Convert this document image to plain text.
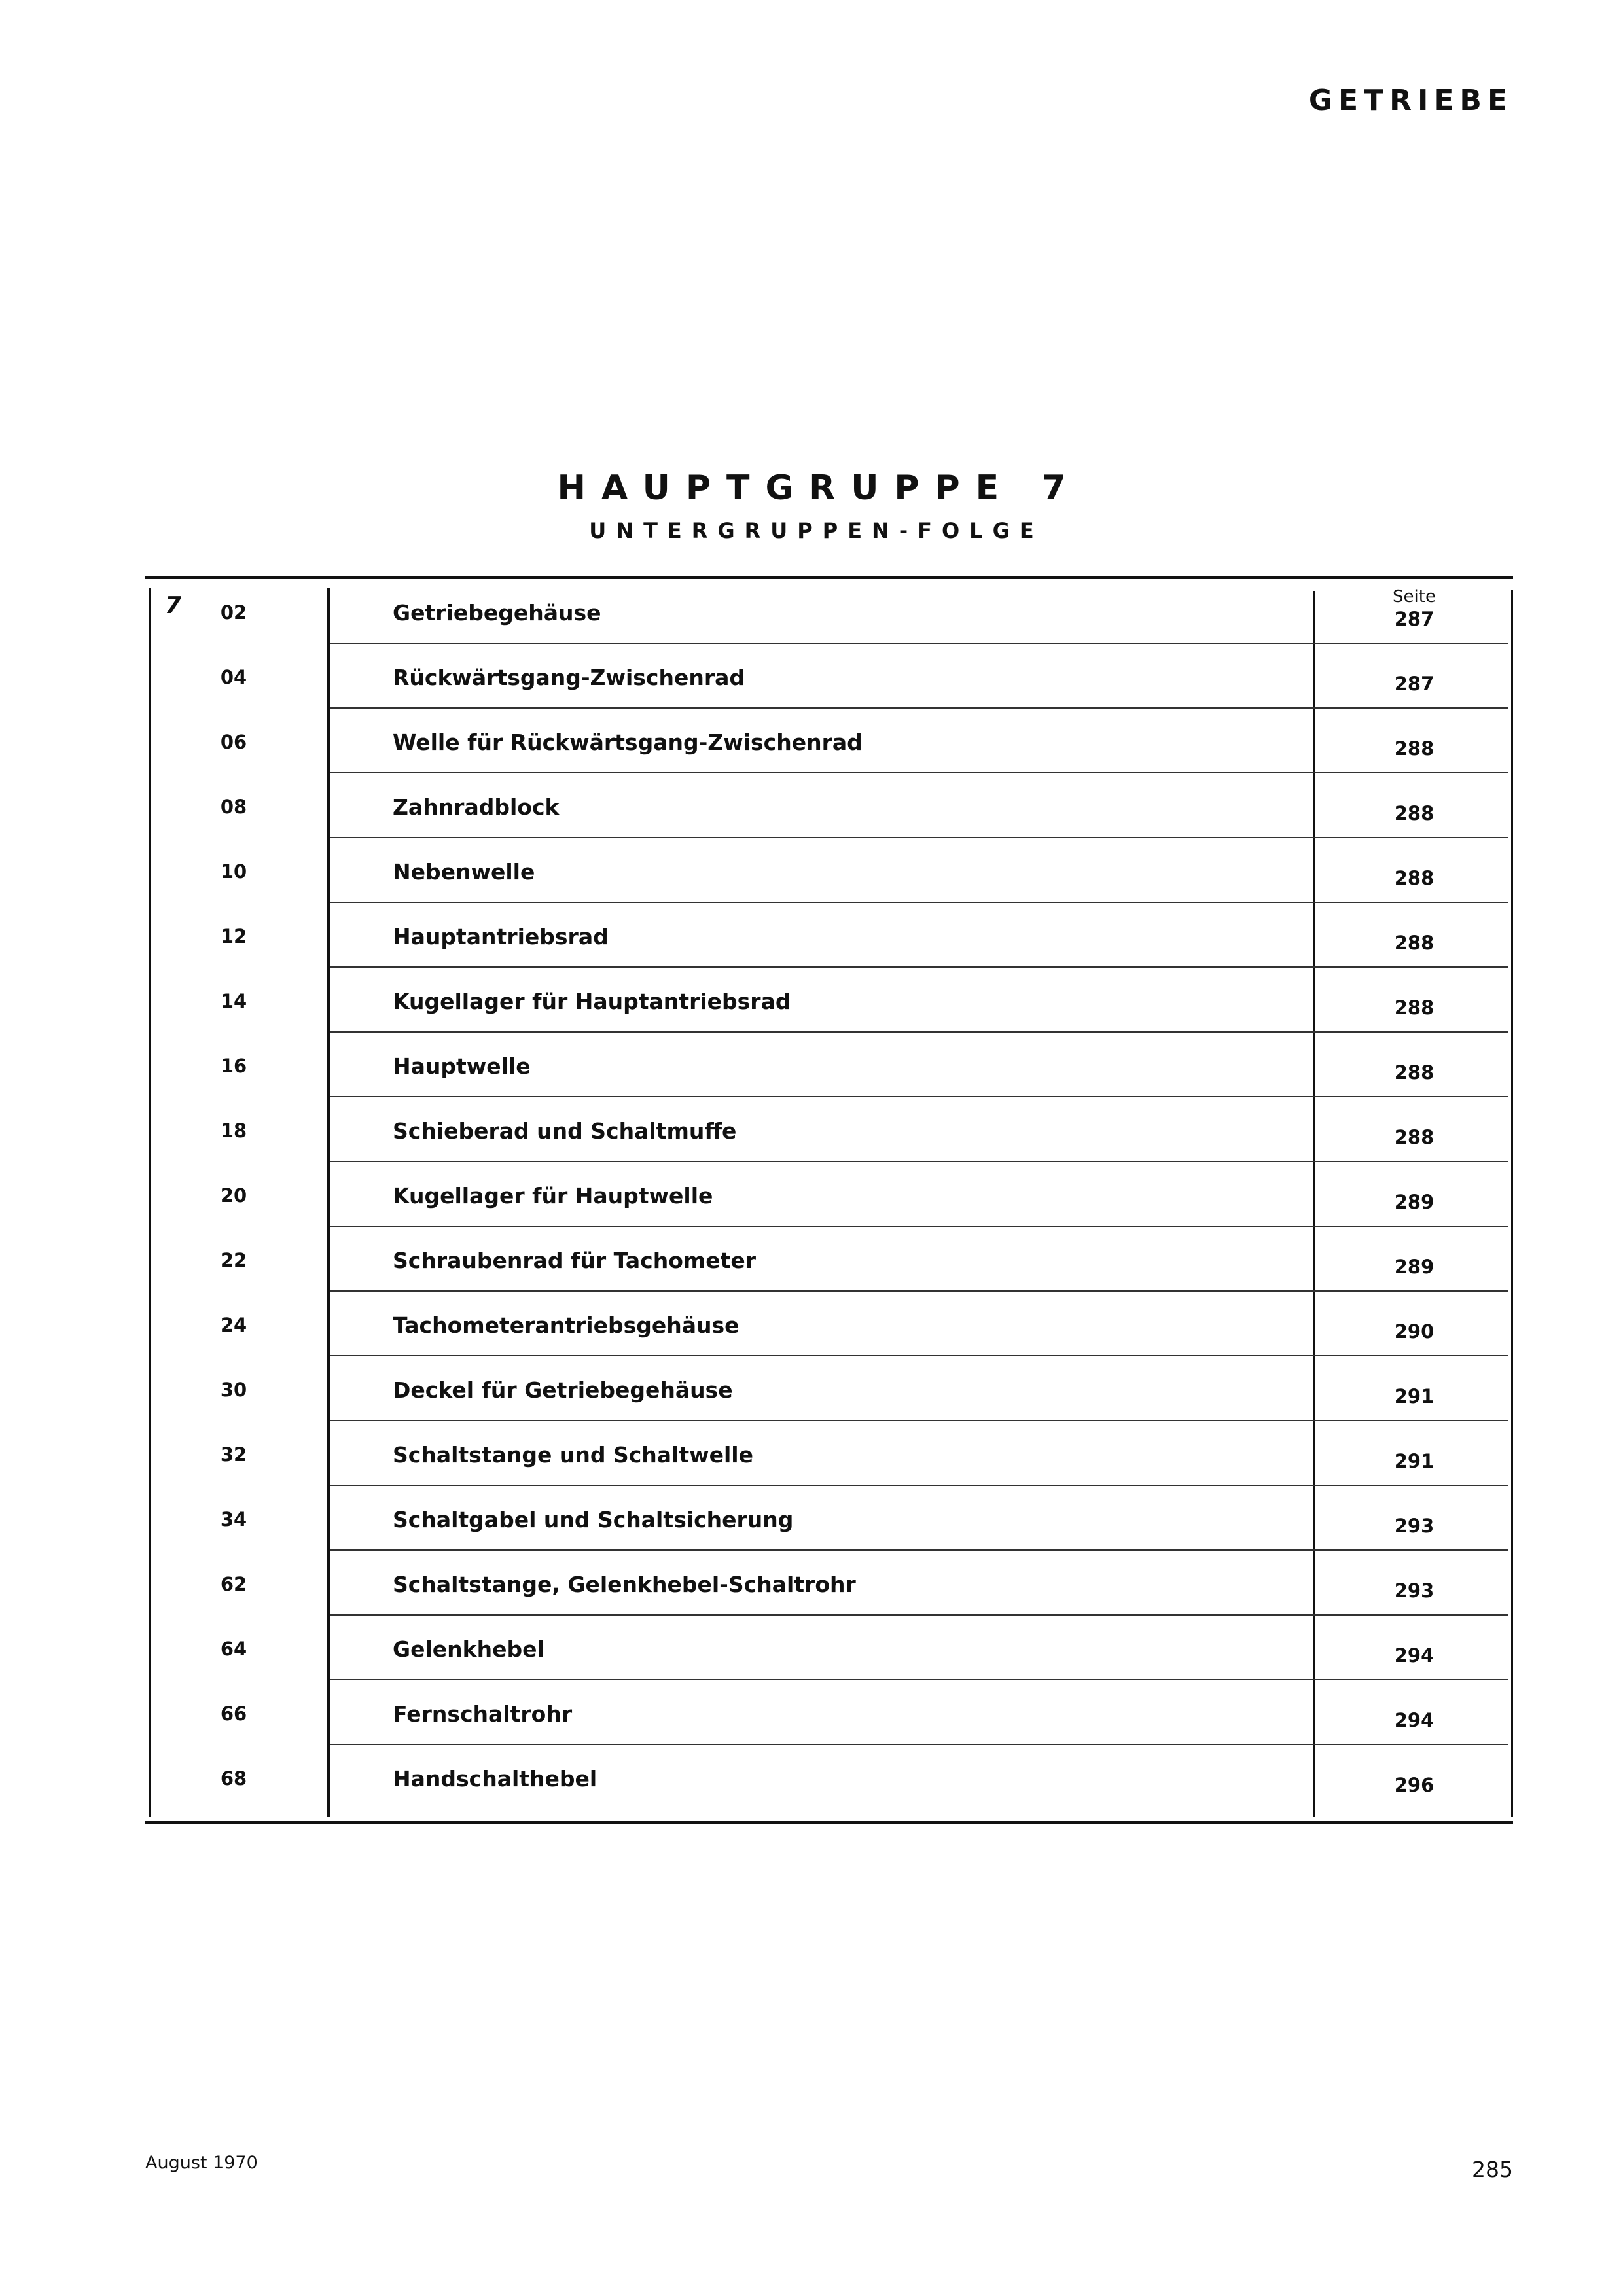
GETRIEBE
HAUPTGRUPPE 7
UNTERGRUPPEN-FOLGE
7	Seite
02	Getriebegehäuse	287
04	Rückwärtsgang-Zwischenrad	287
06	Welle für Rückwärtsgang-Zwischenrad	288
08	Zahnradblock	288
10	Nebenwelle	288
12	Hauptantriebsrad	288
14	Kugellager für Hauptantriebsrad	288
16	Hauptwelle	288
18	Schieberad und Schaltmuffe	288
20	Kugellager für Hauptwelle	289
22	Schraubenrad für Tachometer	289
24	Tachometerantriebsgehäuse	290
30	Deckel für Getriebegehäuse	291
32	Schaltstange und Schaltwelle	291
34	Schaltgabel und Schaltsicherung	293
62	Schaltstange, Gelenkhebel-Schaltrohr	293
64	Gelenkhebel	294
66	Fernschaltrohr	294
68	Handschalthebel	296
August 1970	285
